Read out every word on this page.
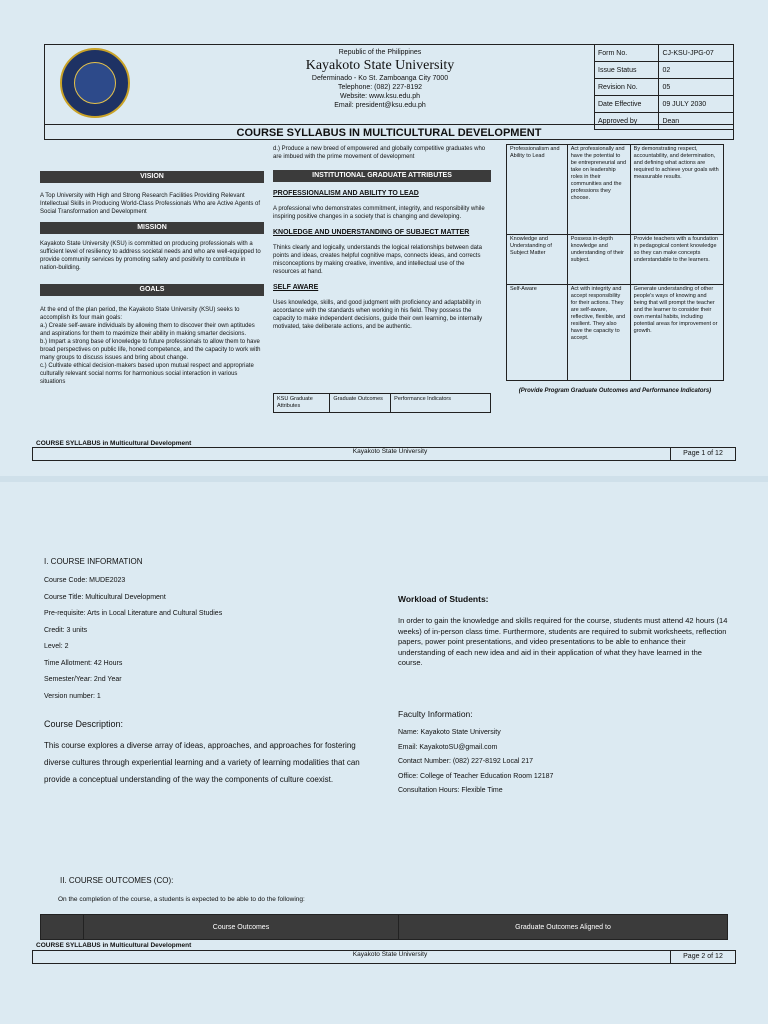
Republic of the Philippines
Kayakoto State University
Deferminado - Ko St. Zamboanga City 7000
Telephone: (082) 227-8192
Website: www.ksu.edu.ph
Email: president@ksu.edu.ph
Form No.	CJ-KSU-JPG-07
Issue Status	02
Revision No.	05
Date Effective	09 JULY 2030
Approved by	Dean
COURSE SYLLABUS IN MULTICULTURAL DEVELOPMENT
VISION
A Top University with High and Strong Research Facilities Providing Relevant Intellectual Skills in Producing World-Class Professionals Who are Active Agents of Social Transformation and Development
MISSION
Kayakoto State University (KSU) is committed on producing professionals with a sufficient level of resiliency to address societal needs and who are well-equipped to provide community services by promoting safety and positivity to contribute in nation-building.
GOALS
At the end of the plan period, the Kayakoto State University (KSU) seeks to accomplish its four main goals:
a.) Create self-aware individuals by allowing them to discover their own aptitudes and aspirations for them to maximize their ability in making smarter decisions.
b.) Impart a strong base of knowledge to future professionals to allow them to have broad perspectives on public life, honed competence, and the capacity to work with many groups to discuss issues and bring about change.
c.) Cultivate ethical decision-makers based upon mutual respect and appropriate culturally relevant social norms for harmonious social interaction in various situations
d.) Produce a new breed of empowered and globally competitive graduates who are imbued with the prime movement of development
INSTITUTIONAL GRADUATE ATTRIBUTES
PROFESSIONALISM AND ABILITY TO LEAD
A professional who demonstrates commitment, integrity, and responsibility while inspiring positive changes in a society that is changing and developing.
KNOLEDGE AND UNDERSTANDING OF SUBJECT MATTER
Thinks clearly and logically, understands the logical relationships between data points and ideas, creates helpful cognitive maps, connects ideas, and corrects misconceptions by making creative, inventive, and intellectual use of the resources at hand.
SELF AWARE
Uses knowledge, skills, and good judgment with proficiency and adaptability in accordance with the standards when working in his field. They possess the capacity to make independent decisions, guide their own learning, be internally motivated, take deliberate actions, and be authentic.
KSU Graduate Attributes	Graduate Outcomes	Performance Indicators
Professionalism and Ability to Lead	Act professionally and have the potential to be entrepreneurial and take on leadership roles in their communities and the professions they choose.	By demonstrating respect, accountability, and determination, and defining what actions are required to achieve your goals with measurable results.
Knowledge and Understanding of Subject Matter	Possess in-depth knowledge and understanding of their subject.	Provide teachers with a foundation in pedagogical content knowledge so they can make concepts understandable to the learners.
Self-Aware	Act with integrity and accept responsibility for their actions. They are self-aware, reflective, flexible, and resilient. They also have the capacity to accept.	Generate understanding of other people's ways of knowing and being that will prompt the teacher and the learner to consider their own mental habits, including potential areas for improvement or growth.
(Provide Program Graduate Outcomes and Performance Indicators)
COURSE SYLLABUS in Multicultural Development
Kayakoto State University	Page 1 of 12
I. COURSE INFORMATION
Course Code: MUDE2023
Course Title: Multicultural Development
Pre-requisite: Arts in Local Literature and Cultural Studies
Credit: 3 units
Level: 2
Time Allotment: 42 Hours
Semester/Year: 2nd Year
Version number: 1
Course Description:
This course explores a diverse array of ideas, approaches, and approaches for fostering diverse cultures through experiential learning and a variety of learning modalities that can provide a conceptual understanding of the way the components of culture coexist.
Workload of Students:
In order to gain the knowledge and skills required for the course, students must attend 42 hours (14 weeks) of in-person class time. Furthermore, students are required to submit worksheets, reflection papers, power point presentations, and video presentations to be able to enhance their understanding of each new idea and aid in their application of what they have learned in the course.
Faculty Information:
Name: Kayakoto State University
Email: KayakotoSU@gmail.com
Contact Number: (082) 227-8192 Local 217
Office: College of Teacher Education Room 12187
Consultation Hours: Flexible Time
II. COURSE OUTCOMES (CO):
On the completion of the course, a students is expected to be able to do the following:
	Course Outcomes	Graduate Outcomes Aligned to
COURSE SYLLABUS in Multicultural Development
Kayakoto State University	Page 2 of 12
